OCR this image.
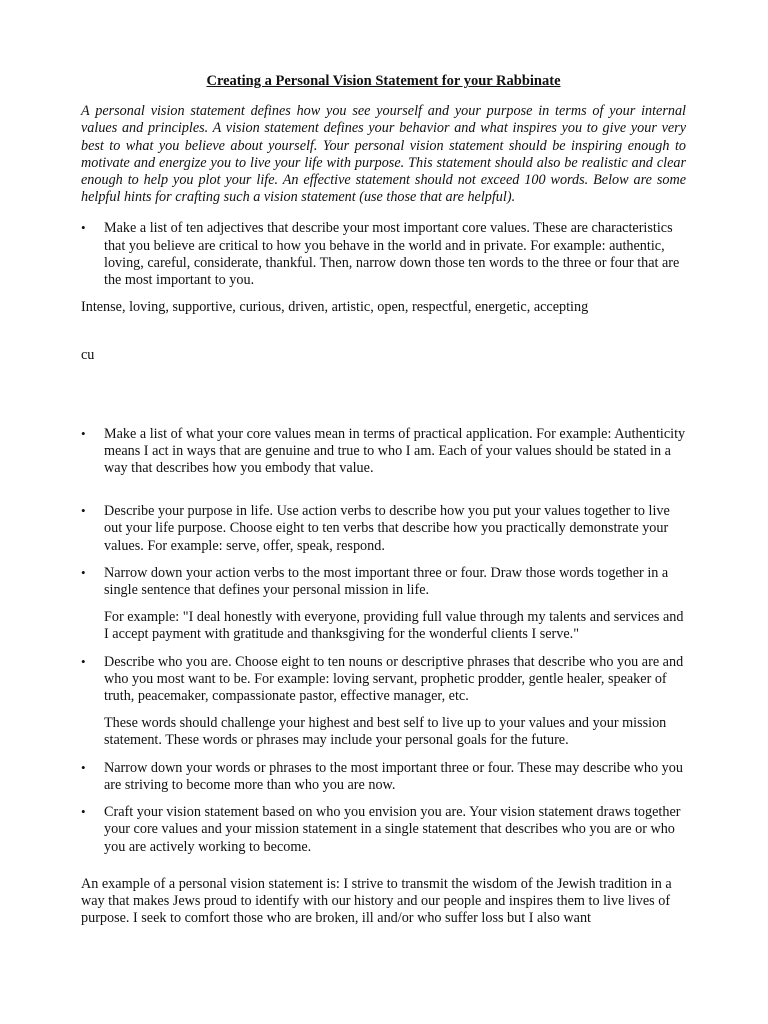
Creating a Personal Vision Statement for your Rabbinate

A personal vision statement defines how you see yourself and your purpose in terms of your internal values and principles. A vision statement defines your behavior and what inspires you to give your very best to what you believe about yourself. Your personal vision statement should be inspiring enough to motivate and energize you to live your life with purpose. This statement should also be realistic and clear enough to help you plot your life. An effective statement should not exceed 100 words. Below are some helpful hints for crafting such a vision statement (use those that are helpful).

• Make a list of ten adjectives that describe your most important core values. These are characteristics that you believe are critical to how you behave in the world and in private. For example: authentic, loving, careful, considerate, thankful. Then, narrow down those ten words to the three or four that are the most important to you.

Intense, loving, supportive, curious, driven, artistic, open, respectful, energetic, accepting

cu

• Make a list of what your core values mean in terms of practical application. For example: Authenticity means I act in ways that are genuine and true to who I am. Each of your values should be stated in a way that describes how you embody that value.
• Describe your purpose in life. Use action verbs to describe how you put your values together to live out your life purpose. Choose eight to ten verbs that describe how you practically demonstrate your values. For example: serve, offer, speak, respond.
• Narrow down your action verbs to the most important three or four. Draw those words together in a single sentence that defines your personal mission in life.

For example: "I deal honestly with everyone, providing full value through my talents and services and I accept payment with gratitude and thanksgiving for the wonderful clients I serve."

• Describe who you are. Choose eight to ten nouns or descriptive phrases that describe who you are and who you most want to be. For example: loving servant, prophetic prodder, gentle healer, speaker of truth, peacemaker, compassionate pastor, effective manager, etc.

These words should challenge your highest and best self to live up to your values and your mission statement. These words or phrases may include your personal goals for the future.

• Narrow down your words or phrases to the most important three or four. These may describe who you are striving to become more than who you are now.
• Craft your vision statement based on who you envision you are. Your vision statement draws together your core values and your mission statement in a single statement that describes who you are or who you are actively working to become.

An example of a personal vision statement is: I strive to transmit the wisdom of the Jewish tradition in a way that makes Jews proud to identify with our history and our people and inspires them to live lives of purpose. I seek to comfort those who are broken, ill and/or who suffer loss but I also want
